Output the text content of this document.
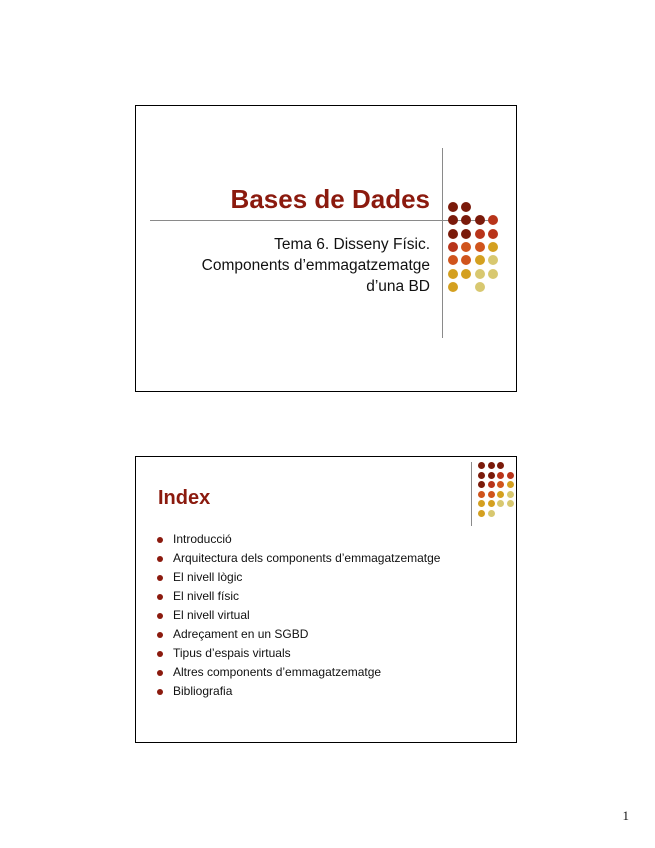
Bases de Dades
Tema 6. Disseny Físic.
Components d’emmagatzematge
d’una BD
Index
Introducció
Arquitectura dels components d’emmagatzematge
El nivell lògic
El nivell físic
El nivell virtual
Adreçament en un SGBD
Tipus d’espais virtuals
Altres components d’emmagatzematge
Bibliografia
1
